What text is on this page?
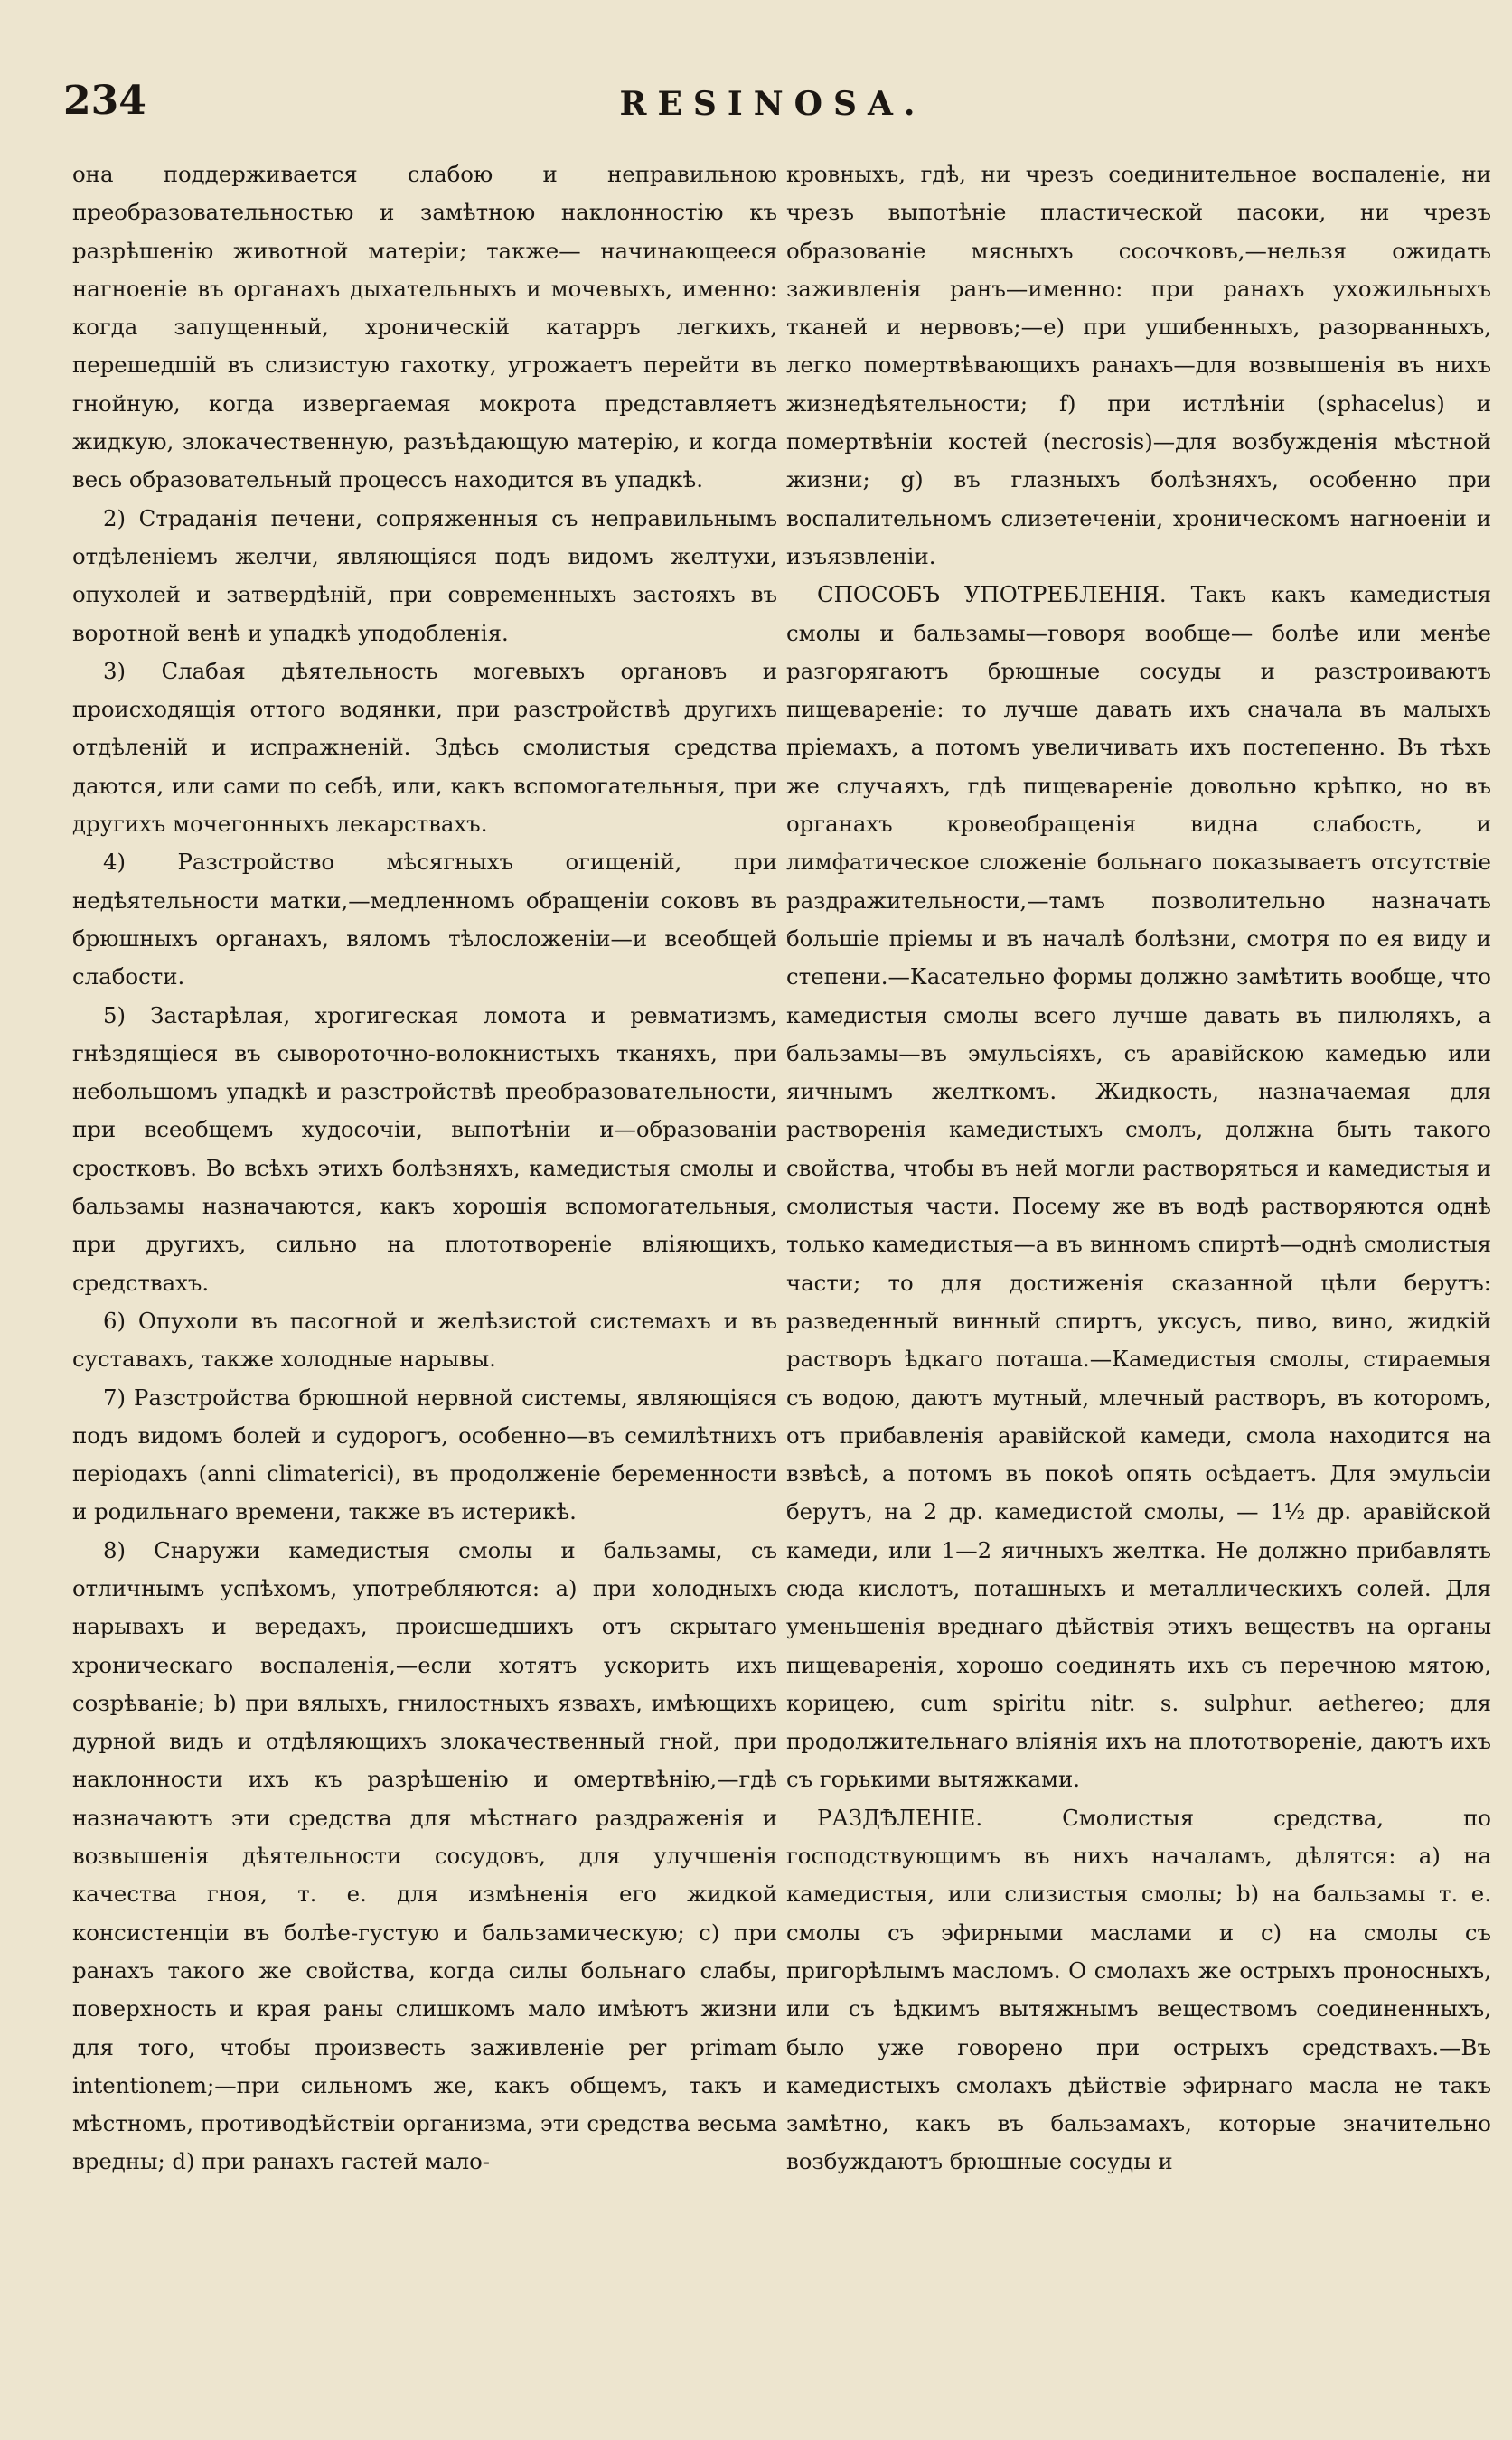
234	RESINOSA.

она поддерживается слабою и неправильною преобразовательностью и замѣтною наклонностію къ разрѣшенію животной матеріи; также— начинающееся нагноеніе въ органахъ дыхательныхъ и мочевыхъ, именно: когда запущенный, хроническій катарръ легкихъ, перешедшій въ слизистую гахотку, угрожаетъ перейти въ гнойную, когда извергаемая мокрота представляетъ жидкую, злокачественную, разъѣдающую матерію, и когда весь образовательный процессъ находится въ упадкѣ.

2) Страданія печени, сопряженныя съ неправильнымъ отдѣленіемъ желчи, являющіяся подъ видомъ желтухи, опухолей и затвердѣній, при современныхъ застояхъ въ воротной венѣ и упадкѣ уподобленія.

3) Слабая дѣятельность могевыхъ органовъ и происходящія оттого водянки, при разстройствѣ другихъ отдѣленій и испражненій. Здѣсь смолистыя средства даются, или сами по себѣ, или, какъ вспомогательныя, при другихъ мочегонныхъ лекарствахъ.

4) Разстройство мѣсягныхъ огищеній, при недѣятельности матки,—медленномъ обращеніи соковъ въ брюшныхъ органахъ, вяломъ тѣлосложеніи—и всеобщей слабости.

5) Застарѣлая, хрогигеская ломота и ревматизмъ, гнѣздящіеся въ сывороточно-волокнистыхъ тканяхъ, при небольшомъ упадкѣ и разстройствѣ преобразовательности, при всеобщемъ худосочіи, выпотѣніи и—образованіи сростковъ. Во всѣхъ этихъ болѣзняхъ, камедистыя смолы и бальзамы назначаются, какъ хорошія вспомогательныя, при другихъ, сильно на плототвореніе вліяющихъ, средствахъ.

6) Опухоли въ пасогной и желѣзистой системахъ и въ суставахъ, также холодные нарывы.

7) Разстройства брюшной нервной системы, являющіяся подъ видомъ болей и судорогъ, особенно—въ семилѣтнихъ періодахъ (anni climaterici), въ продолженіе беременности и родильнаго времени, также въ истерикѣ.

8) Снаружи камедистыя смолы и бальзамы, съ отличнымъ успѣхомъ, употребляются: а) при холодныхъ нарывахъ и вередахъ, происшедшихъ отъ скрытаго хроническаго воспаленія,—если хотятъ ускорить ихъ созрѣваніе; b) при вялыхъ, гнилостныхъ язвахъ, имѣющихъ дурной видъ и отдѣляющихъ злокачественный гной, при наклонности ихъ къ разрѣшенію и омертвѣнію,—гдѣ назначаютъ эти средства для мѣстнаго раздраженія и возвышенія дѣятельности сосудовъ, для улучшенія качества гноя, т. е. для измѣненія его жидкой консистенціи въ болѣе-густую и бальзамическую; c) при ранахъ такого же свойства, когда силы больнаго слабы, поверхность и края раны слишкомъ мало имѣютъ жизни для того, чтобы произвесть заживленіе per primam intentionem;—при сильномъ же, какъ общемъ, такъ и мѣстномъ, противодѣйствіи организма, эти средства весьма вредны; d) при ранахъ гастей мало-

кровныхъ, гдѣ, ни чрезъ соединительное воспаленіе, ни чрезъ выпотѣніе пластической пасоки, ни чрезъ образованіе мясныхъ сосочковъ,—нельзя ожидать заживленія ранъ—именно: при ранахъ ухожильныхъ тканей и нервовъ;—e) при ушибенныхъ, разорванныхъ, легко помертвѣвающихъ ранахъ—для возвышенія въ нихъ жизнедѣятельности; f) при истлѣніи (sphacelus) и помертвѣніи костей (necrosis)—для возбужденія мѣстной жизни; g) въ глазныхъ болѣзняхъ, особенно при воспалительномъ слизетеченіи, хроническомъ нагноеніи и изъязвленіи.

СПОСОБЪ УПОТРЕБЛЕНІЯ. Такъ какъ камедистыя смолы и бальзамы—говоря вообще— болѣе или менѣе разгорягаютъ брюшные сосуды и разстроиваютъ пищевареніе: то лучше давать ихъ сначала въ малыхъ пріемахъ, а потомъ увеличивать ихъ постепенно. Въ тѣхъ же случаяхъ, гдѣ пищевареніе довольно крѣпко, но въ органахъ кровеобращенія видна слабость, и лимфатическое сложеніе больнаго показываетъ отсутствіе раздражительности,—тамъ позволительно назначать большіе пріемы и въ началѣ болѣзни, смотря по ея виду и степени.—Касательно формы должно замѣтить вообще, что камедистыя смолы всего лучше давать въ пилюляхъ, а бальзамы—въ эмульсіяхъ, съ аравійскою камедью или яичнымъ желткомъ. Жидкость, назначаемая для растворенія камедистыхъ смолъ, должна быть такого свойства, чтобы въ ней могли растворяться и камедистыя и смолистыя части. Посему же въ водѣ растворяются однѣ только камедистыя—а въ винномъ спиртѣ—однѣ смолистыя части; то для достиженія сказанной цѣли берутъ: разведенный винный спиртъ, уксусъ, пиво, вино, жидкій растворъ ѣдкаго поташа.—Камедистыя смолы, стираемыя съ водою, даютъ мутный, млечный растворъ, въ которомъ, отъ прибавленія аравійской камеди, смола находится на взвѣсѣ, а потомъ въ покоѣ опять осѣдаетъ. Для эмульсіи берутъ, на 2 др. камедистой смолы, — 1½ др. аравійской камеди, или 1—2 яичныхъ желтка. Не должно прибавлять сюда кислотъ, поташныхъ и металлическихъ солей. Для уменьшенія вреднаго дѣйствія этихъ веществъ на органы пищеваренія, хорошо соединять ихъ съ перечною мятою, корицею, cum spiritu nitr. s. sulphur. aethereo; для продолжительнаго вліянія ихъ на плототвореніе, даютъ ихъ съ горькими вытяжками.

РАЗДѢЛЕНІЕ. Смолистыя средства, по господствующимъ въ нихъ началамъ, дѣлятся: а) на камедистыя, или слизистыя смолы; b) на бальзамы т. е. смолы съ эфирными маслами и c) на смолы съ пригорѣлымъ масломъ. О смолахъ же острыхъ проносныхъ, или съ ѣдкимъ вытяжнымъ веществомъ соединенныхъ, было уже говорено при острыхъ средствахъ.—Въ камедистыхъ смолахъ дѣйствіе эфирнаго масла не такъ замѣтно, какъ въ бальзамахъ, которые значительно возбуждаютъ брюшные сосуды и
